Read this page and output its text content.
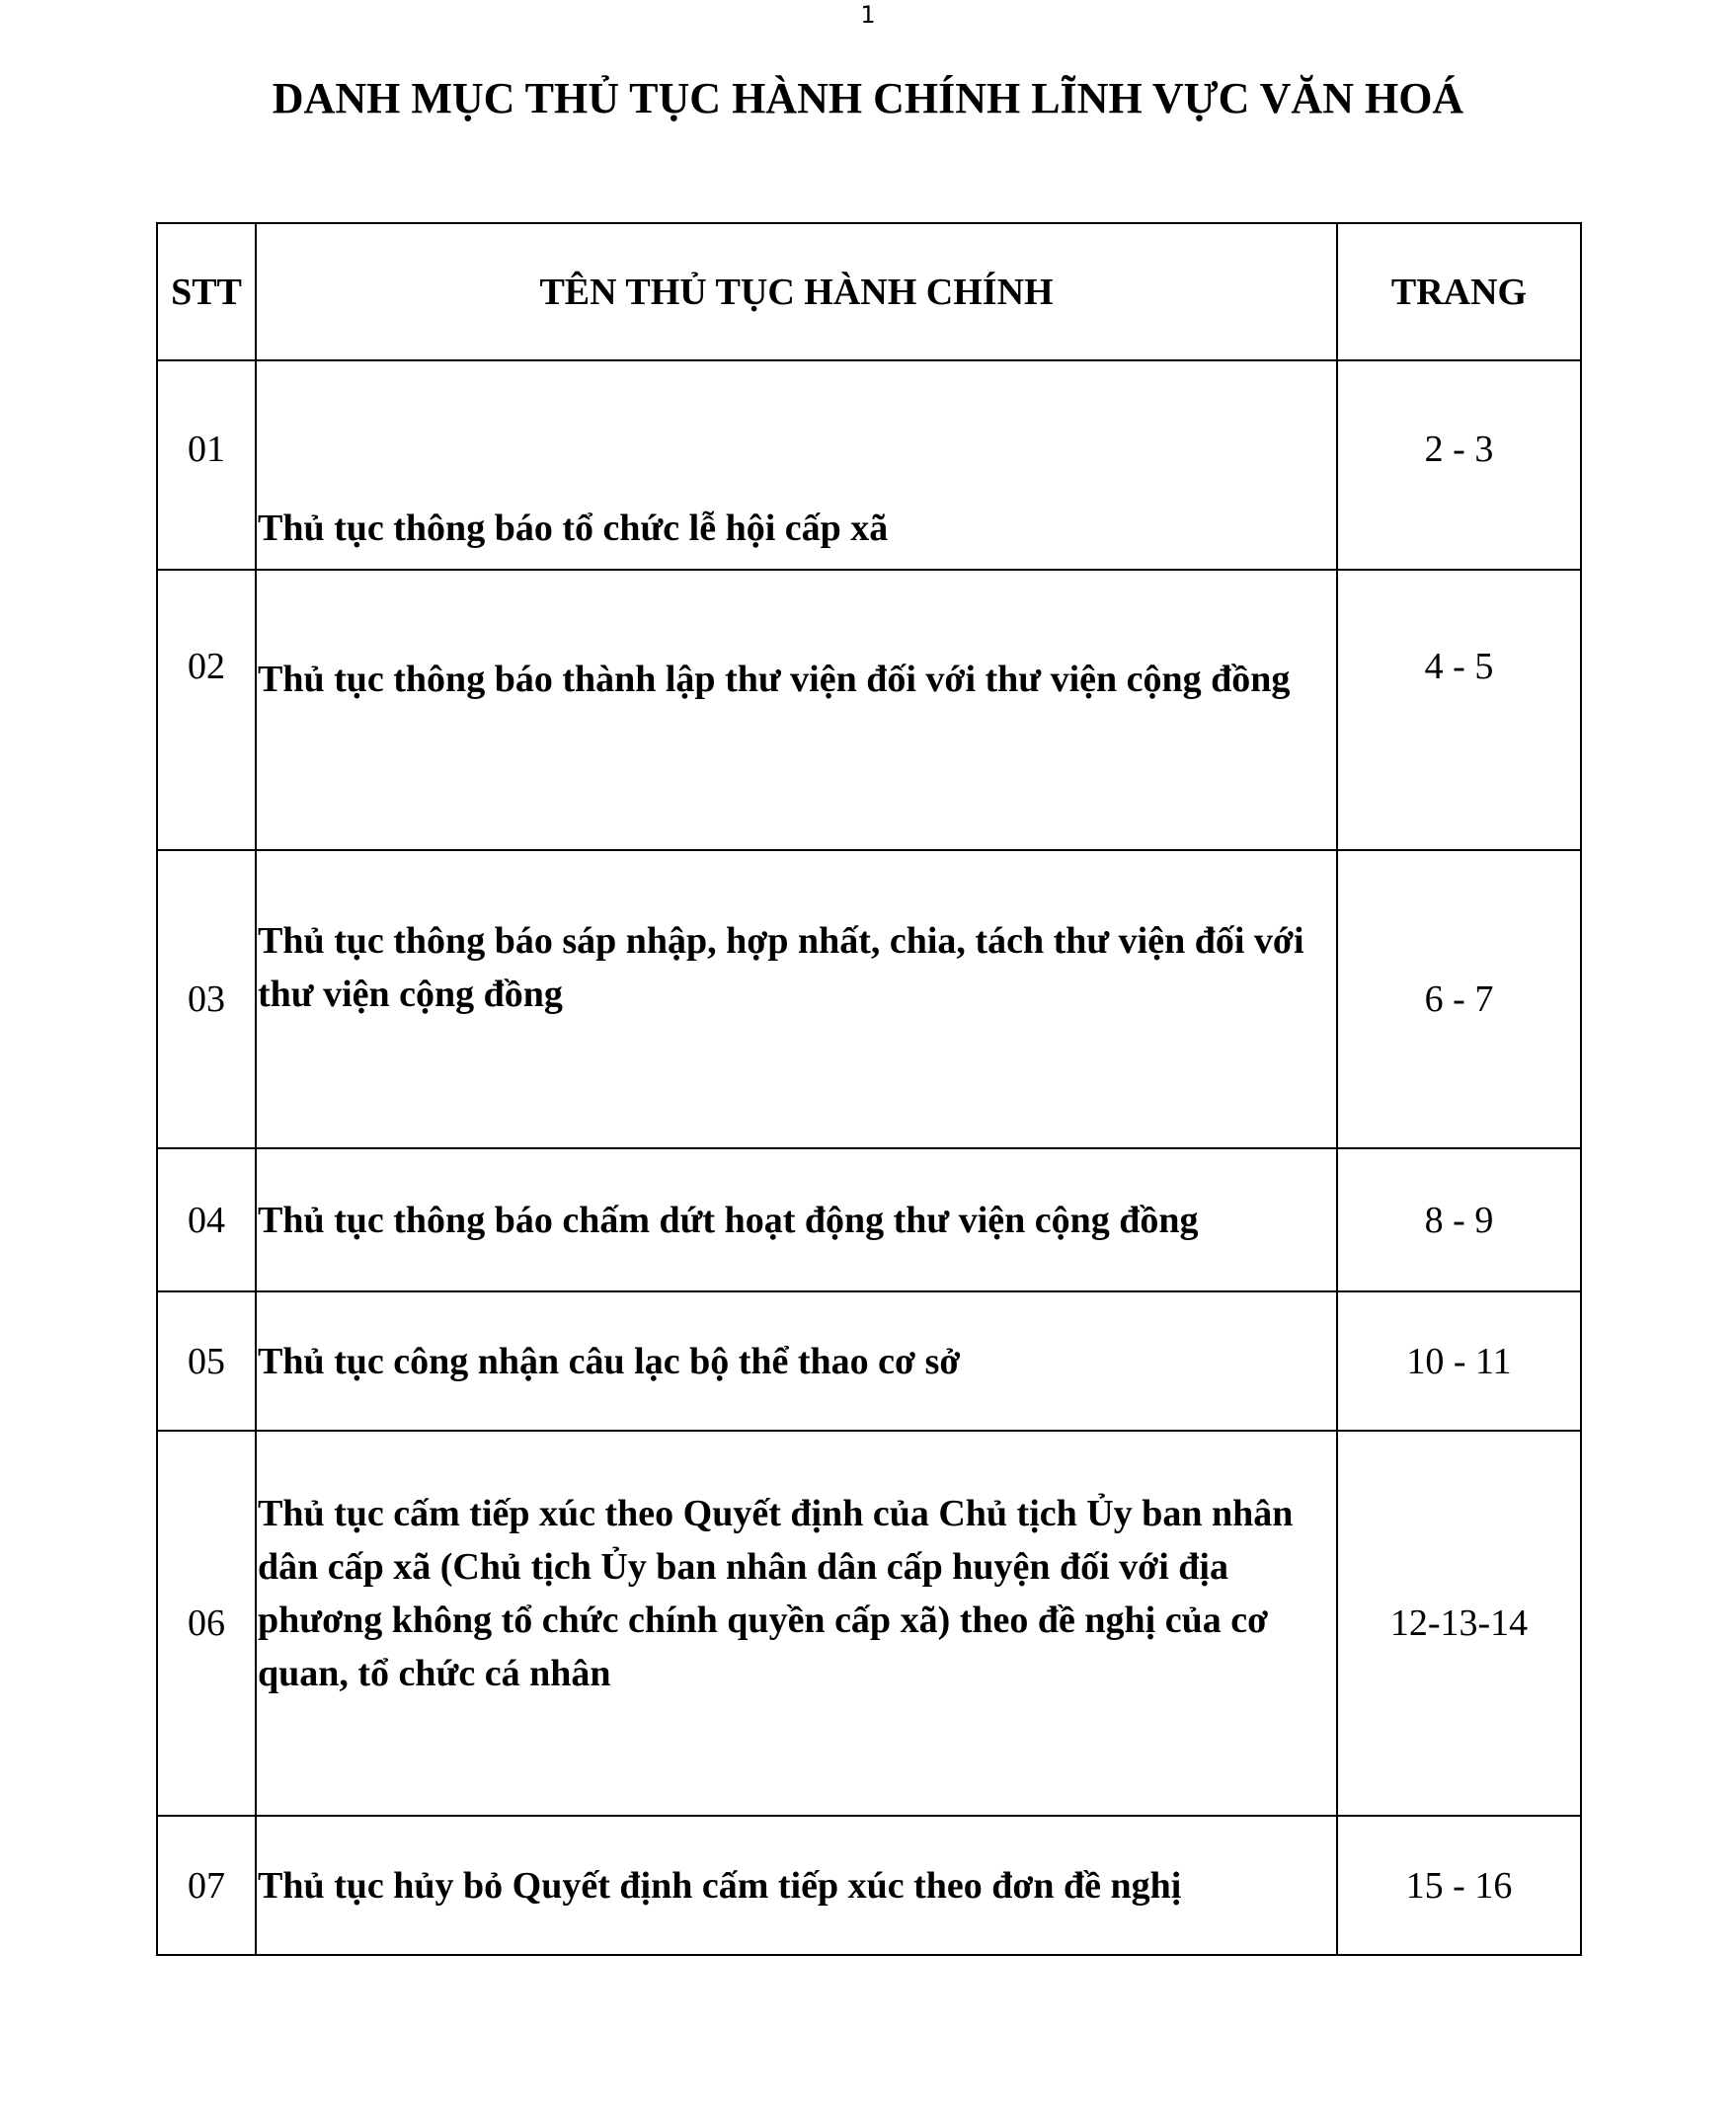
1
DANH MỤC THỦ TỤC HÀNH CHÍNH LĨNH VỰC VĂN HOÁ
STT	TÊN THỦ TỤC HÀNH CHÍNH	TRANG
01	Thủ tục thông báo tổ chức lễ hội cấp xã	2 - 3
02	Thủ tục thông báo thành lập thư viện đối với thư viện cộng đồng	4 - 5
03	Thủ tục thông báo sáp nhập, hợp nhất, chia, tách thư viện đối với thư viện cộng đồng	6 - 7
04	Thủ tục thông báo chấm dứt hoạt động thư viện cộng đồng	8 - 9
05	Thủ tục công nhận câu lạc bộ thể thao cơ sở	10 - 11
06	Thủ tục cấm tiếp xúc theo Quyết định của Chủ tịch Ủy ban nhân dân cấp xã (Chủ tịch Ủy ban nhân dân cấp huyện đối với địa phương không tổ chức chính quyền cấp xã) theo đề nghị của cơ quan, tổ chức cá nhân	12-13-14
07	Thủ tục hủy bỏ Quyết định cấm tiếp xúc theo đơn đề nghị	15 - 16
